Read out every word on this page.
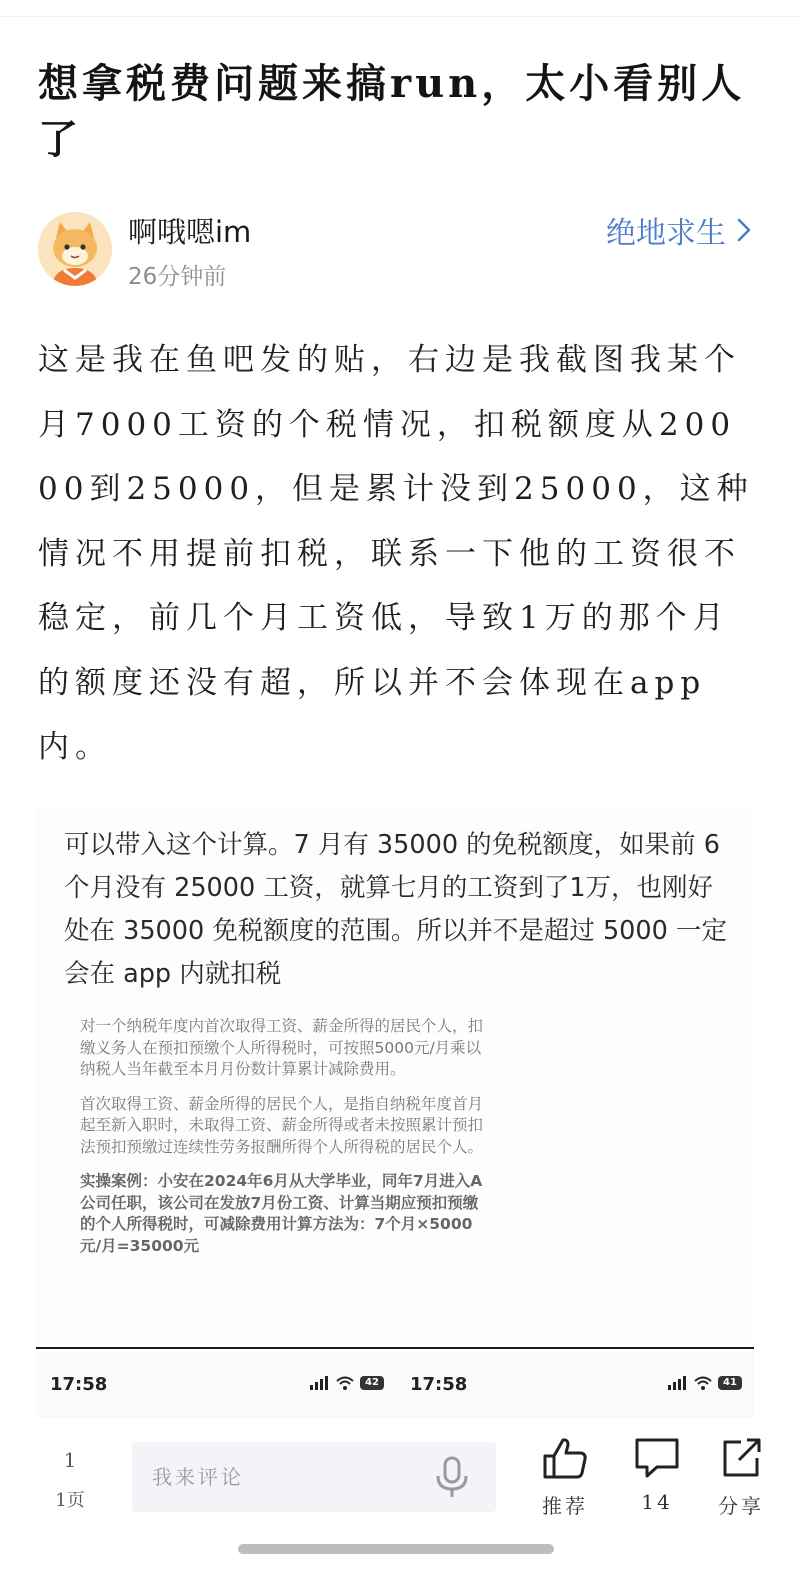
想拿税费问题来搞run，太小看别人了
啊哦嗯im
26分钟前
绝地求生
这是我在鱼吧发的贴，右边是我截图我某个月7000工资的个税情况，扣税额度从20000到25000，但是累计没到25000，这种情况不用提前扣税，联系一下他的工资很不稳定，前几个月工资低，导致1万的那个月的额度还没有超，所以并不会体现在app内。
可以带入这个计算。7 月有 35000 的免税额度，如果前 6 个月没有 25000 工资，就算七月的工资到了1万，也刚好处在 35000 免税额度的范围。所以并不是超过 5000 一定会在 app 内就扣税

对一个纳税年度内首次取得工资、薪金所得的居民个人，扣缴义务人在预扣预缴个人所得税时，可按照5000元/月乘以纳税人当年截至本月月份数计算累计减除费用。

首次取得工资、薪金所得的居民个人，是指自纳税年度首月起至新入职时，未取得工资、薪金所得或者未按照累计预扣法预扣预缴过连续性劳务报酬所得个人所得税的居民个人。

实操案例：小安在2024年6月从大学毕业，同年7月进入A公司任职，该公司在发放7月份工资、计算当期应预扣预缴的个人所得税时，可减除费用计算方法为：7个月×5000元/月=35000元

17:58	42 17:58	41
1
1页
我来评论	推荐	14	分享
